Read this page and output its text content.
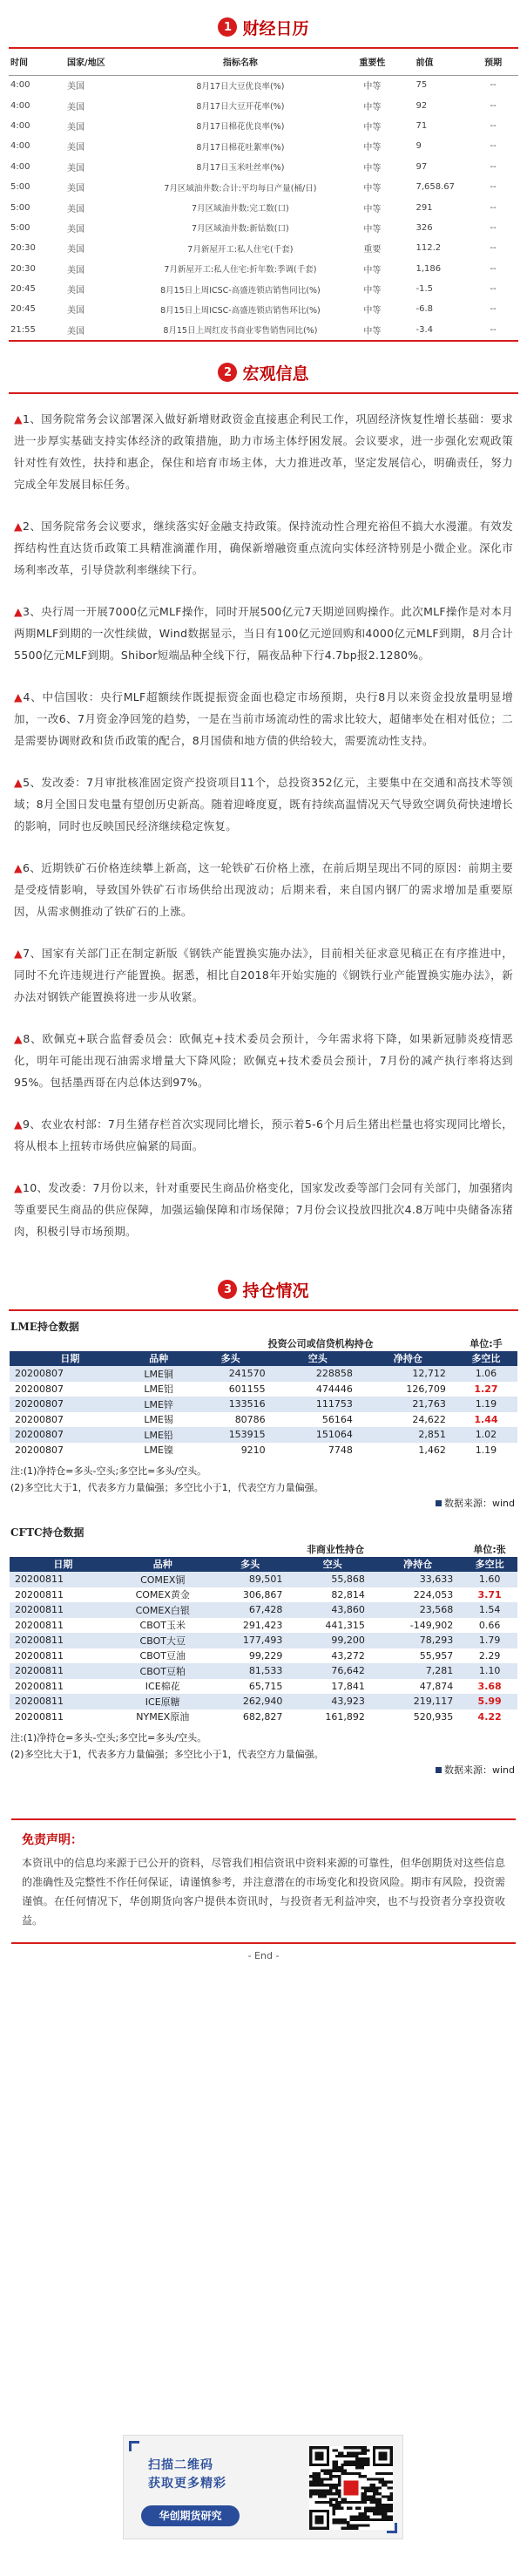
1 财经日历
时间	国家/地区	指标名称	重要性	前值	预期
4:00	美国	8月17日大豆优良率(%)	中等	75	--
4:00	美国	8月17日大豆开花率(%)	中等	92	--
4:00	美国	8月17日棉花优良率(%)	中等	71	--
4:00	美国	8月17日棉花吐絮率(%)	中等	9	--
4:00	美国	8月17日玉米吐丝率(%)	中等	97	--
5:00	美国	7月区域油井数:合计:平均每日产量(桶/日)	中等	7,658.67	--
5:00	美国	7月区域油井数:完工数(口)	中等	291	--
5:00	美国	7月区域油井数:新钻数(口)	中等	326	--
20:30	美国	7月新屋开工:私人住宅(千套)	重要	112.2	--
20:30	美国	7月新屋开工:私人住宅:折年数:季调(千套)	中等	1,186	--
20:45	美国	8月15日上周ICSC-高盛连锁店销售同比(%)	中等	-1.5	--
20:45	美国	8月15日上周ICSC-高盛连锁店销售环比(%)	中等	-6.8	--
21:55	美国	8月15日上周红皮书商业零售销售同比(%)	中等	-3.4	--
2 宏观信息

▲1、国务院常务会议部署深入做好新增财政资金直接惠企利民工作，巩固经济恢复性增长基础：要求进一步厚实基础支持实体经济的政策措施，助力市场主体纾困发展。会议要求，进一步强化宏观政策针对性有效性，扶持和惠企，保住和培育市场主体，大力推进改革，坚定发展信心，明确责任，努力完成全年发展目标任务。

▲2、国务院常务会议要求，继续落实好金融支持政策。保持流动性合理充裕但不搞大水漫灌。有效发挥结构性直达货币政策工具精准滴灌作用，确保新增融资重点流向实体经济特别是小微企业。深化市场利率改革，引导贷款利率继续下行。

▲3、央行周一开展7000亿元MLF操作，同时开展500亿元7天期逆回购操作。此次MLF操作是对本月两期MLF到期的一次性续做，Wind数据显示，当日有100亿元逆回购和4000亿元MLF到期，8月合计5500亿元MLF到期。Shibor短端品种全线下行，隔夜品种下行4.7bp报2.1280%。

▲4、中信国收：央行MLF超额续作既提振资金面也稳定市场预期，央行8月以来资金投放量明显增加，一改6、7月资金净回笼的趋势，一是在当前市场流动性的需求比较大，超储率处在相对低位；二是需要协调财政和货币政策的配合，8月国债和地方债的供给较大，需要流动性支持。

▲5、发改委：7月审批核准固定资产投资项目11个，总投资352亿元，主要集中在交通和高技术等领域；8月全国日发电量有望创历史新高。随着迎峰度夏，既有持续高温情况天气导致空调负荷快速增长的影响，同时也反映国民经济继续稳定恢复。

▲6、近期铁矿石价格连续攀上新高，这一轮铁矿石价格上涨，在前后期呈现出不同的原因：前期主要是受疫情影响，导致国外铁矿石市场供给出现波动；后期来看，来自国内钢厂的需求增加是重要原因，从需求侧推动了铁矿石的上涨。

▲7、国家有关部门正在制定新版《钢铁产能置换实施办法》，目前相关征求意见稿正在有序推进中，同时不允许违规进行产能置换。据悉，相比自2018年开始实施的《钢铁行业产能置换实施办法》，新办法对钢铁产能置换将进一步从收紧。

▲8、欧佩克+联合监督委员会：欧佩克+技术委员会预计，今年需求将下降，如果新冠肺炎疫情恶化，明年可能出现石油需求增量大下降风险；欧佩克+技术委员会预计，7月份的减产执行率将达到95%。包括墨西哥在内总体达到97%。

▲9、农业农村部：7月生猪存栏首次实现同比增长，预示着5-6个月后生猪出栏量也将实现同比增长，将从根本上扭转市场供应偏紧的局面。

▲10、发改委：7月份以来，针对重要民生商品价格变化，国家发改委等部门会同有关部门，加强猪肉等重要民生商品的供应保障，加强运输保障和市场保障；7月份会议投放四批次4.8万吨中央储备冻猪肉，积极引导市场预期。

3 持仓情况
LME持仓数据
		投资公司或信贷机构持仓			单位:手
日期	品种	多头	空头	净持仓	多空比
20200807	LME铜	241570	228858	12,712	1.06
20200807	LME铝	601155	474446	126,709	1.27
20200807	LME锌	133516	111753	21,763	1.19
20200807	LME锡	80786	56164	24,622	1.44
20200807	LME铅	153915	151064	2,851	1.02
20200807	LME镍	9210	7748	1,462	1.19
注:(1)净持仓=多头-空头;多空比=多头/空头。
(2)多空比大于1，代表多方力量偏强；多空比小于1，代表空方力量偏强。
数据来源：wind
CFTC持仓数据
		非商业性持仓			单位:张
日期	品种	多头	空头	净持仓	多空比
20200811	COMEX铜	89,501	55,868	33,633	1.60
20200811	COMEX黄金	306,867	82,814	224,053	3.71
20200811	COMEX白银	67,428	43,860	23,568	1.54
20200811	CBOT玉米	291,423	441,315	-149,902	0.66
20200811	CBOT大豆	177,493	99,200	78,293	1.79
20200811	CBOT豆油	99,229	43,272	55,957	2.29
20200811	CBOT豆粕	81,533	76,642	7,281	1.10
20200811	ICE棉花	65,715	17,841	47,874	3.68
20200811	ICE原糖	262,940	43,923	219,117	5.99
20200811	NYMEX原油	682,827	161,892	520,935	4.22
注:(1)净持仓=多头-空头;多空比=多头/空头。
(2)多空比大于1，代表多方力量偏强；多空比小于1，代表空方力量偏强。
数据来源：wind
免责声明：

本资讯中的信息均来源于已公开的资料，尽管我们相信资讯中资料来源的可靠性，但华创期货对这些信息的准确性及完整性不作任何保证，请谨慎参考，并注意潜在的市场变化和投资风险。期市有风险，投资需谨慎。在任何情况下，华创期货向客户提供本资讯时，与投资者无利益冲突，也不与投资者分享投资收益。

- End -
扫描二维码
获取更多精彩
华创期货研究
